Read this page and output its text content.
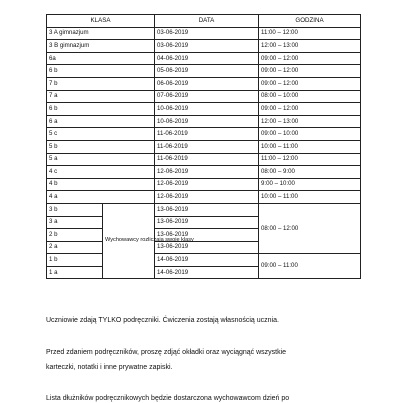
KLASA		DATA	GODZINA
3 A gimnazjum		03-06-2019	11:00 – 12:00
3 B gimnazjum		03-06-2019	12:00 – 13:00
6a		04-06-2019	09:00 – 12:00
6 b		05-06-2019	09:00 – 12:00
7 b		06-06-2019	09:00 – 12:00
7 a		07-06-2019	08:00 – 10:00
6 b		10-06-2019	09:00 – 12:00
6 a		10-06-2019	12:00 – 13:00
5 c		11-06-2019	09:00 – 10:00
5 b		11-06-2019	10:00 – 11:00
5 a		11-06-2019	11:00 – 12:00
4 c		12-06-2019	08:00 – 9:00
4 b		12-06-2019	9:00 – 10:00
4 a		12-06-2019	10:00 – 11:00
3 b	Wychowawcy rozliczają swoje klasy	13-06-2019	08:00 – 12:00
3 a		13-06-2019	
2 b		13-06-2019	
2 a		13-06-2019	
1 b		14-06-2019	09:00 – 11:00
1 a		14-06-2019	

Uczniowie zdają TYLKO podręczniki. Ćwiczenia zostają własnością ucznia.

Przed zdaniem podręczników, proszę zdjąć okładki oraz wyciągnąć wszystkie

karteczki, notatki i inne prywatne zapiski.

Lista dłużników podręcznikowych będzie dostarczona wychowawcom dzień po
